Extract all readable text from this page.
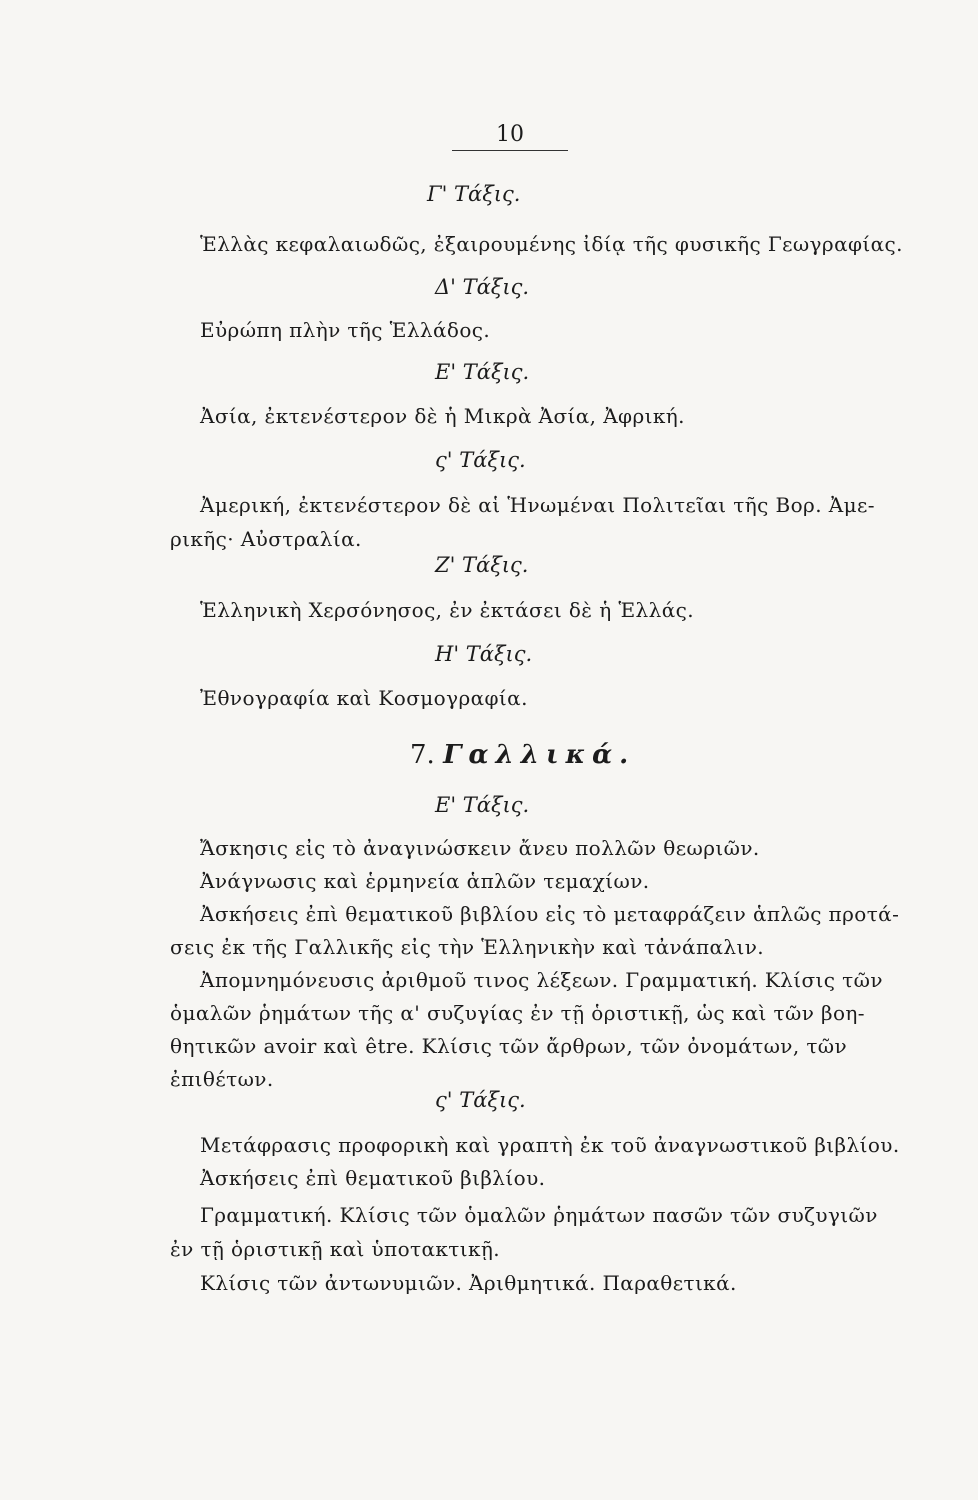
10
Γ' Τάξις.
Ἑλλὰς κεφαλαιωδῶς, ἐξαιρουμένης ἰδίᾳ τῆς φυσικῆς Γεωγραφίας.
Δ' Τάξις.
Εὐρώπη πλὴν τῆς Ἑλλάδος.
Ε' Τάξις.
Ἀσία, ἐκτενέστερον δὲ ἡ Μικρὰ Ἀσία, Ἀφρική.
ς' Τάξις.
Ἀμερική, ἐκτενέστερον δὲ αἱ Ἡνωμέναι Πολιτεῖαι τῆς Βορ. Ἀμε-
ρικῆς· Αὐστραλία.
Ζ' Τάξις.
Ἑλληνικὴ Χερσόνησος, ἐν ἐκτάσει δὲ ἡ Ἑλλάς.
Η' Τάξις.
Ἐθνογραφία καὶ Κοσμογραφία.
7. Γαλλικά.
Ε' Τάξις.
Ἄσκησις εἰς τὸ ἀναγινώσκειν ἄνευ πολλῶν θεωριῶν.
Ἀνάγνωσις καὶ ἑρμηνεία ἁπλῶν τεμαχίων.
Ἀσκήσεις ἐπὶ θεματικοῦ βιβλίου εἰς τὸ μεταφράζειν ἁπλῶς προτά-
σεις ἐκ τῆς Γαλλικῆς εἰς τὴν Ἑλληνικὴν καὶ τἀνάπαλιν.
Ἀπομνημόνευσις ἀριθμοῦ τινος λέξεων. Γραμματική. Κλίσις τῶν
ὁμαλῶν ῥημάτων τῆς α' συζυγίας ἐν τῇ ὁριστικῇ, ὡς καὶ τῶν βοη-
θητικῶν avoir καὶ être. Κλίσις τῶν ἄρθρων, τῶν ὀνομάτων, τῶν
ἐπιθέτων.
ς' Τάξις.
Μετάφρασις προφορικὴ καὶ γραπτὴ ἐκ τοῦ ἀναγνωστικοῦ βιβλίου.
Ἀσκήσεις ἐπὶ θεματικοῦ βιβλίου.
Γραμματική. Κλίσις τῶν ὁμαλῶν ῥημάτων πασῶν τῶν συζυγιῶν
ἐν τῇ ὁριστικῇ καὶ ὑποτακτικῇ.
Κλίσις τῶν ἀντωνυμιῶν. Ἀριθμητικά. Παραθετικά.
